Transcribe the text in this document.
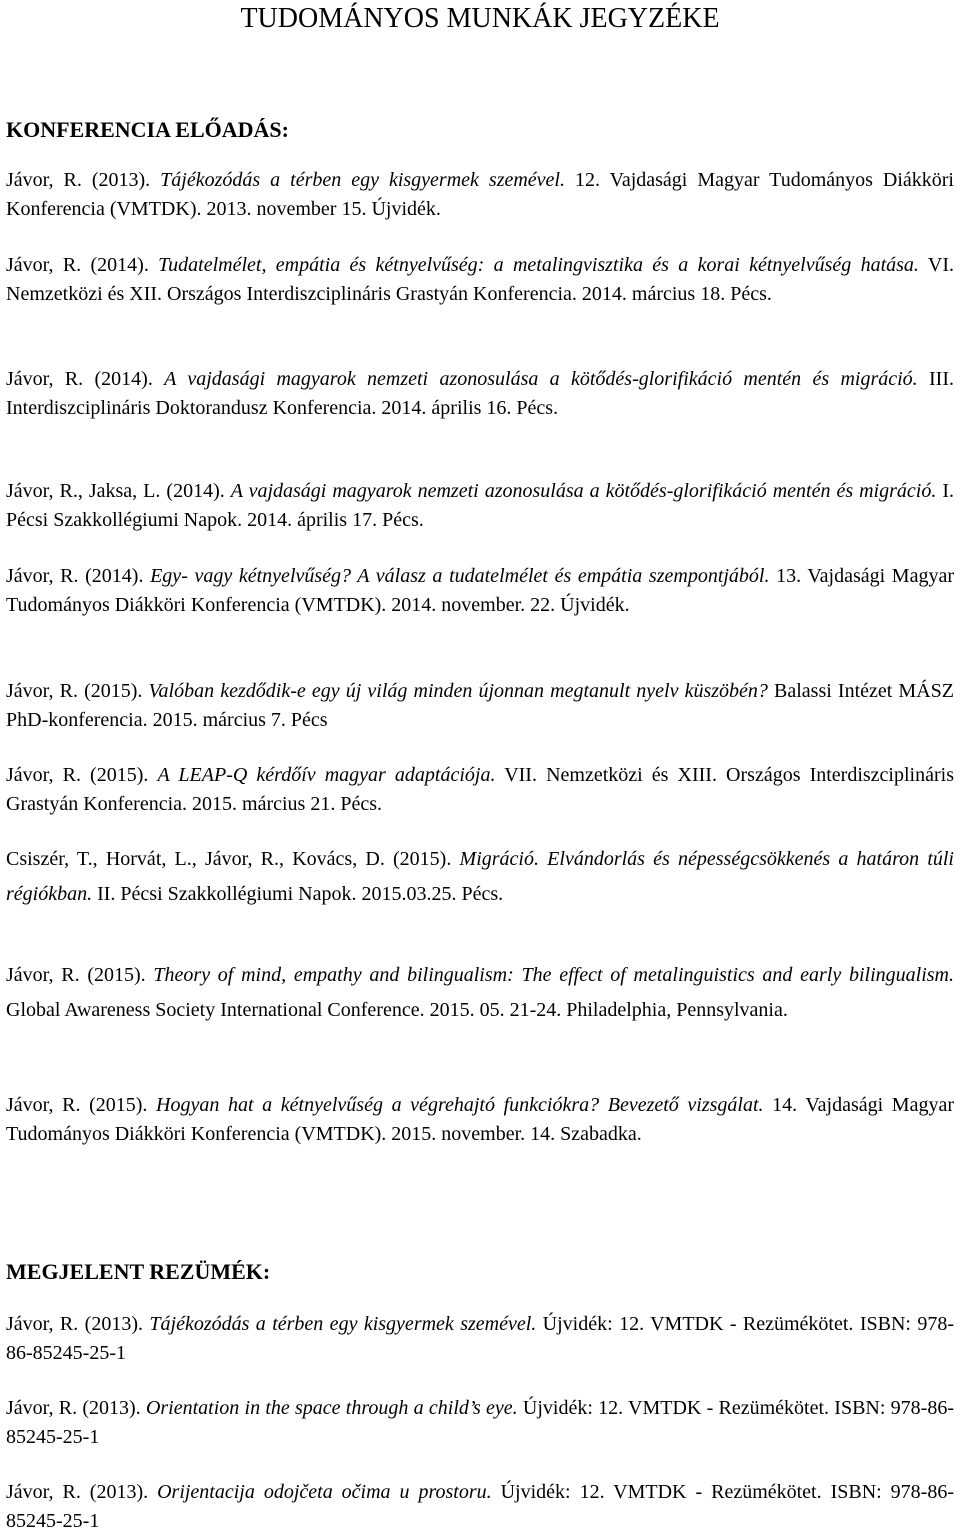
TUDOMÁNYOS MUNKÁK JEGYZÉKE
KONFERENCIA ELŐADÁS:

Jávor, R. (2013). Tájékozódás a térben egy kisgyermek szemével. 12. Vajdasági Magyar Tudományos Diákköri Konferencia (VMTDK). 2013. november 15. Újvidék.

Jávor, R. (2014). Tudatelmélet, empátia és kétnyelvűség: a metalingvisztika és a korai kétnyelvűség hatása. VI. Nemzetközi és XII. Országos Interdiszciplináris Grastyán Konferencia. 2014. március 18. Pécs.

Jávor, R. (2014). A vajdasági magyarok nemzeti azonosulása a kötődés-glorifikáció mentén és migráció. III. Interdiszciplináris Doktorandusz Konferencia. 2014. április 16. Pécs.

Jávor, R., Jaksa, L. (2014). A vajdasági magyarok nemzeti azonosulása a kötődés-glorifikáció mentén és migráció. I. Pécsi Szakkollégiumi Napok. 2014. április 17. Pécs.

Jávor, R. (2014). Egy- vagy kétnyelvűség? A válasz a tudatelmélet és empátia szempontjából. 13. Vajdasági Magyar Tudományos Diákköri Konferencia (VMTDK). 2014. november. 22. Újvidék.

Jávor, R. (2015). Valóban kezdődik-e egy új világ minden újonnan megtanult nyelv küszöbén? Balassi Intézet MÁSZ PhD-konferencia. 2015. március 7. Pécs

Jávor, R. (2015). A LEAP-Q kérdőív magyar adaptációja. VII. Nemzetközi és XIII. Országos Interdiszciplináris Grastyán Konferencia. 2015. március 21. Pécs.

Csiszér, T., Horvát, L., Jávor, R., Kovács, D. (2015). Migráció. Elvándorlás és népességcsökkenés a határon túli régiókban. II. Pécsi Szakkollégiumi Napok. 2015.03.25. Pécs.

Jávor, R. (2015). Theory of mind, empathy and bilingualism: The effect of metalinguistics and early bilingualism. Global Awareness Society International Conference. 2015. 05. 21-24. Philadelphia, Pennsylvania.

Jávor, R. (2015). Hogyan hat a kétnyelvűség a végrehajtó funkciókra? Bevezető vizsgálat. 14. Vajdasági Magyar Tudományos Diákköri Konferencia (VMTDK). 2015. november. 14. Szabadka.

MEGJELENT REZÜMÉK:

Jávor, R. (2013). Tájékozódás a térben egy kisgyermek szemével. Újvidék: 12. VMTDK - Rezümékötet. ISBN: 978-86-85245-25-1

Jávor, R. (2013). Orientation in the space through a child’s eye. Újvidék: 12. VMTDK - Rezümékötet. ISBN: 978-86-85245-25-1

Jávor, R. (2013). Orijentacija odojčeta očima u prostoru. Újvidék: 12. VMTDK - Rezümékötet. ISBN: 978-86-85245-25-1
